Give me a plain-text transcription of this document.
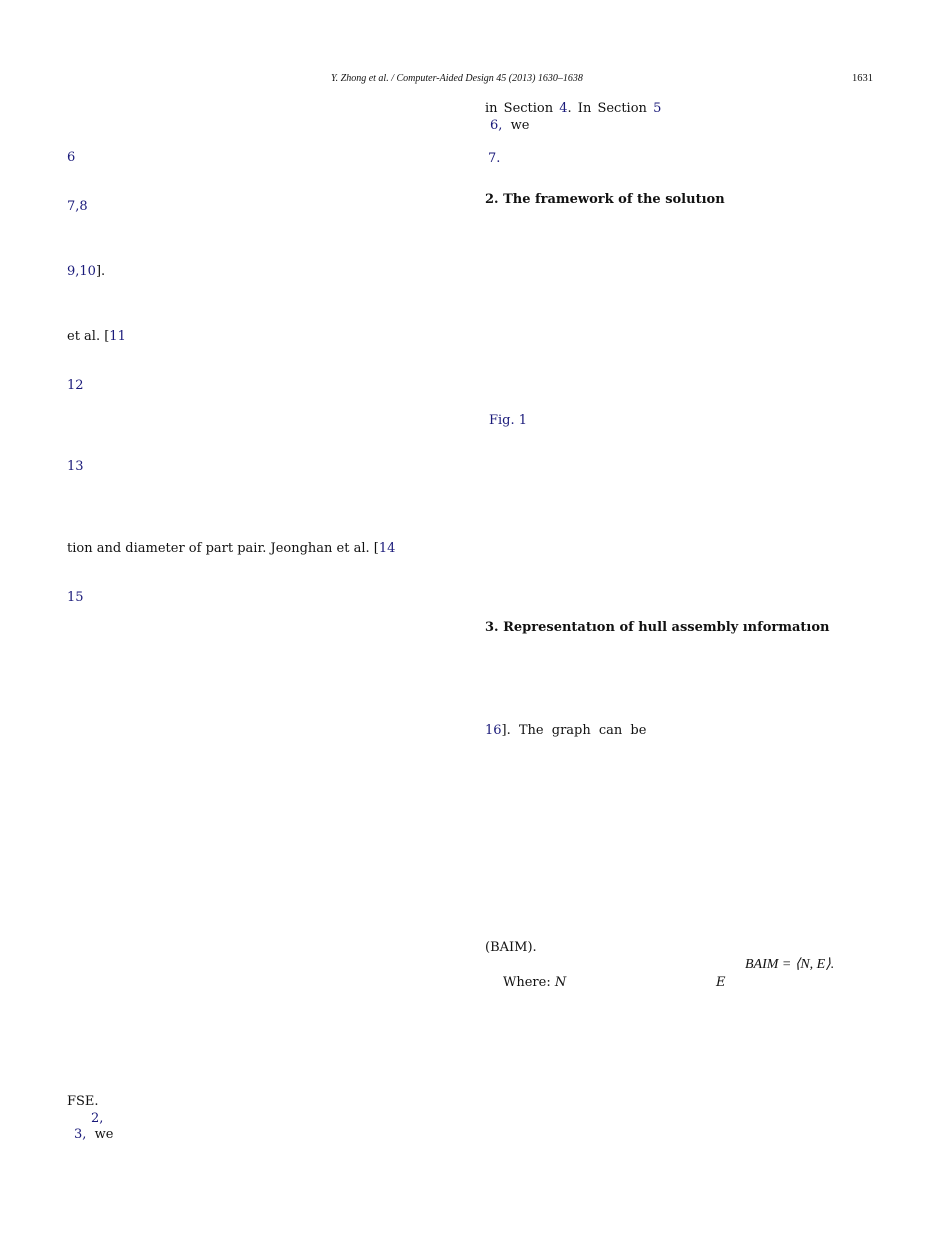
Y. Zhong et al. / Computer-Aided Design 45 (2013) 1630–1638	1631
6
7,8
9,10].
et al. [11
12
13
tion and diameter of part pair. Jeonghan et al. [14
15
FSE.
2,
3, we
in Section 4. In Section 5
6, we
7.
2. The framework of the solutıon
Fig. 1
3. Representatıon of hull assembly ınformatıon
16]. The graph can be
(BAIM).
BAIM = ⟨N, E⟩.
Where: N	E
